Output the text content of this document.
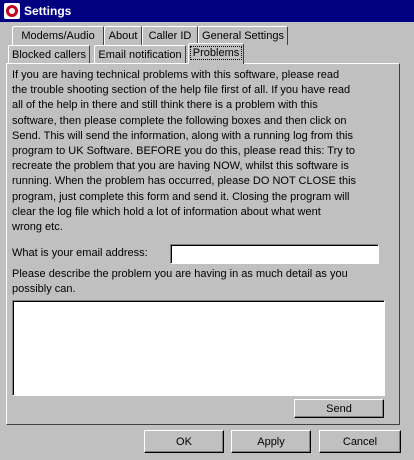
Settings
Modems/Audio	About	Caller ID General Settings
Blocked callers	Email notification	Problems
If you are having technical problems with this software, please read
the trouble shooting section of the help file first of all. If you have read
all of the help in there and still think there is a problem with this
software, then please complete the following boxes and then click on
Send. This will send the information, along with a running log from this
program to UK Software. BEFORE you do this, please read this: Try to
recreate the problem that you are having NOW, whilst this software is
running. When the problem has occurred, please DO NOT CLOSE this
program, just complete this form and send it. Closing the program will
clear the log file which hold a lot of information about what went
wrong etc.
What is your email address:
Please describe the problem you are having in as much detail as you
possibly can.
Send
OK	Apply	Cancel
